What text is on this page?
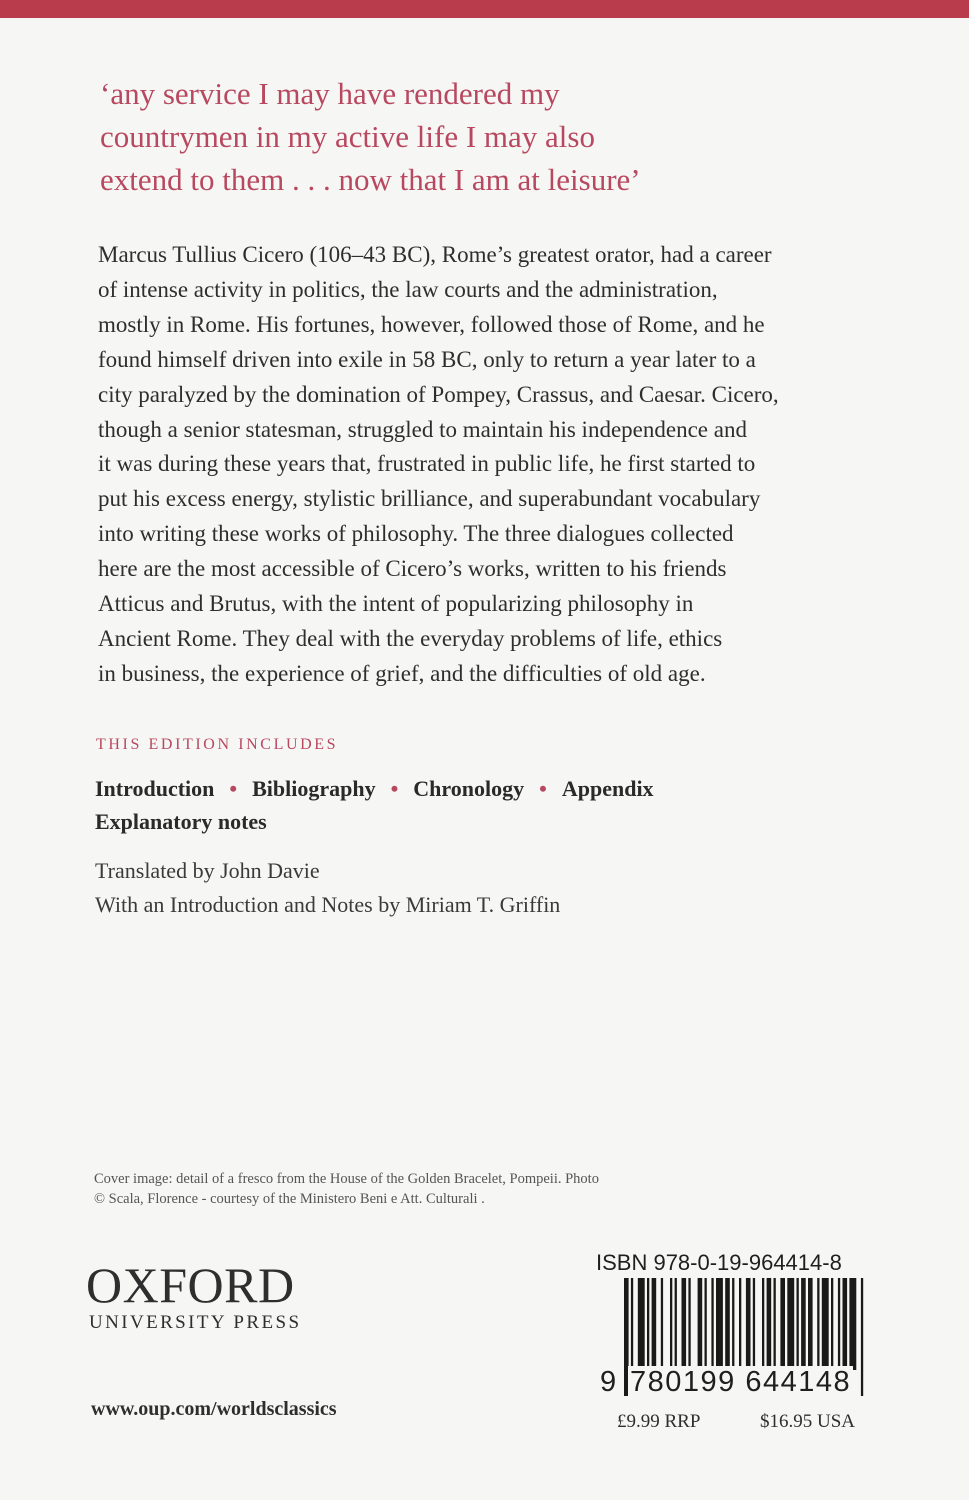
‘any service I may have rendered my
countrymen in my active life I may also
extend to them . . . now that I am at leisure’
Marcus Tullius Cicero (106–43 BC), Rome’s greatest orator, had a career
of intense activity in politics, the law courts and the administration,
mostly in Rome. His fortunes, however, followed those of Rome, and he
found himself driven into exile in 58 BC, only to return a year later to a
city paralyzed by the domination of Pompey, Crassus, and Caesar. Cicero,
though a senior statesman, struggled to maintain his independence and
it was during these years that, frustrated in public life, he first started to
put his excess energy, stylistic brilliance, and superabundant vocabulary
into writing these works of philosophy. The three dialogues collected
here are the most accessible of Cicero’s works, written to his friends
Atticus and Brutus, with the intent of popularizing philosophy in
Ancient Rome. They deal with the everyday problems of life, ethics
in business, the experience of grief, and the difficulties of old age.
THIS EDITION INCLUDES
Introduction • Bibliography • Chronology • Appendix
Explanatory notes
Translated by John Davie
With an Introduction and Notes by Miriam T. Griffin
Cover image: detail of a fresco from the House of the Golden Bracelet, Pompeii. Photo
© Scala, Florence - courtesy of the Ministero Beni e Att. Culturali .
OXFORD
UNIVERSITY PRESS
www.oup.com/worldsclassics
ISBN 978-0-19-964414-8
9 780199 644148
£9.99 RRP	$16.95 USA
